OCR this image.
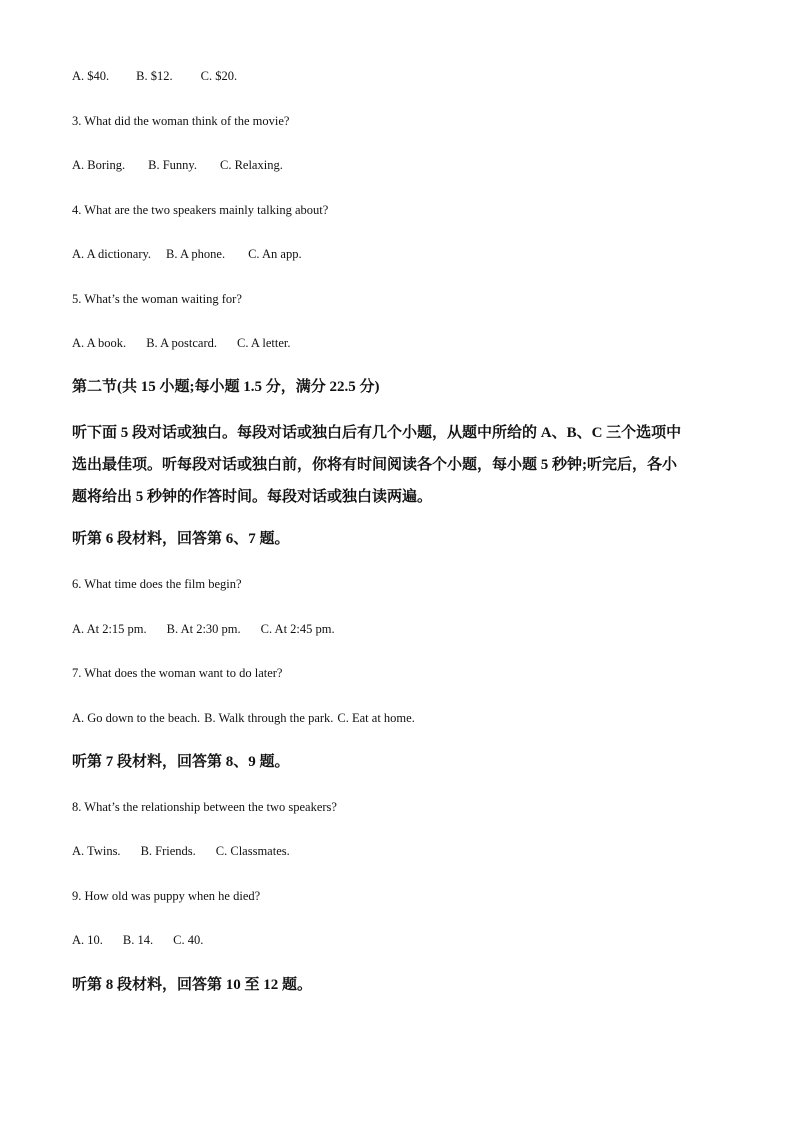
A. $40. B. $12. C. $20.
3. What did the woman think of the movie?
A. Boring. B. Funny. C. Relaxing.
4. What are the two speakers mainly talking about?
A. A dictionary. B. A phone. C. An app.
5. What’s the woman waiting for?
A. A book. B. A postcard. C. A letter.
第二节(共 15 小题;每小题 1.5 分，满分 22.5 分)
听下面 5 段对话或独白。每段对话或独白后有几个小题，从题中所给的 A、B、C 三个选项中
选出最佳项。听每段对话或独白前，你将有时间阅读各个小题，每小题 5 秒钟;听完后，各小
题将给出 5 秒钟的作答时间。每段对话或独白读两遍。
听第 6 段材料，回答第 6、7 题。
6. What time does the film begin?
A. At 2:15 pm. B. At 2:30 pm. C. At 2:45 pm.
7. What does the woman want to do later?
A. Go down to the beach. B. Walk through the park. C. Eat at home.
听第 7 段材料，回答第 8、9 题。
8. What’s the relationship between the two speakers?
A. Twins. B. Friends. C. Classmates.
9. How old was puppy when he died?
A. 10. B. 14. C. 40.
听第 8 段材料，回答第 10 至 12 题。
